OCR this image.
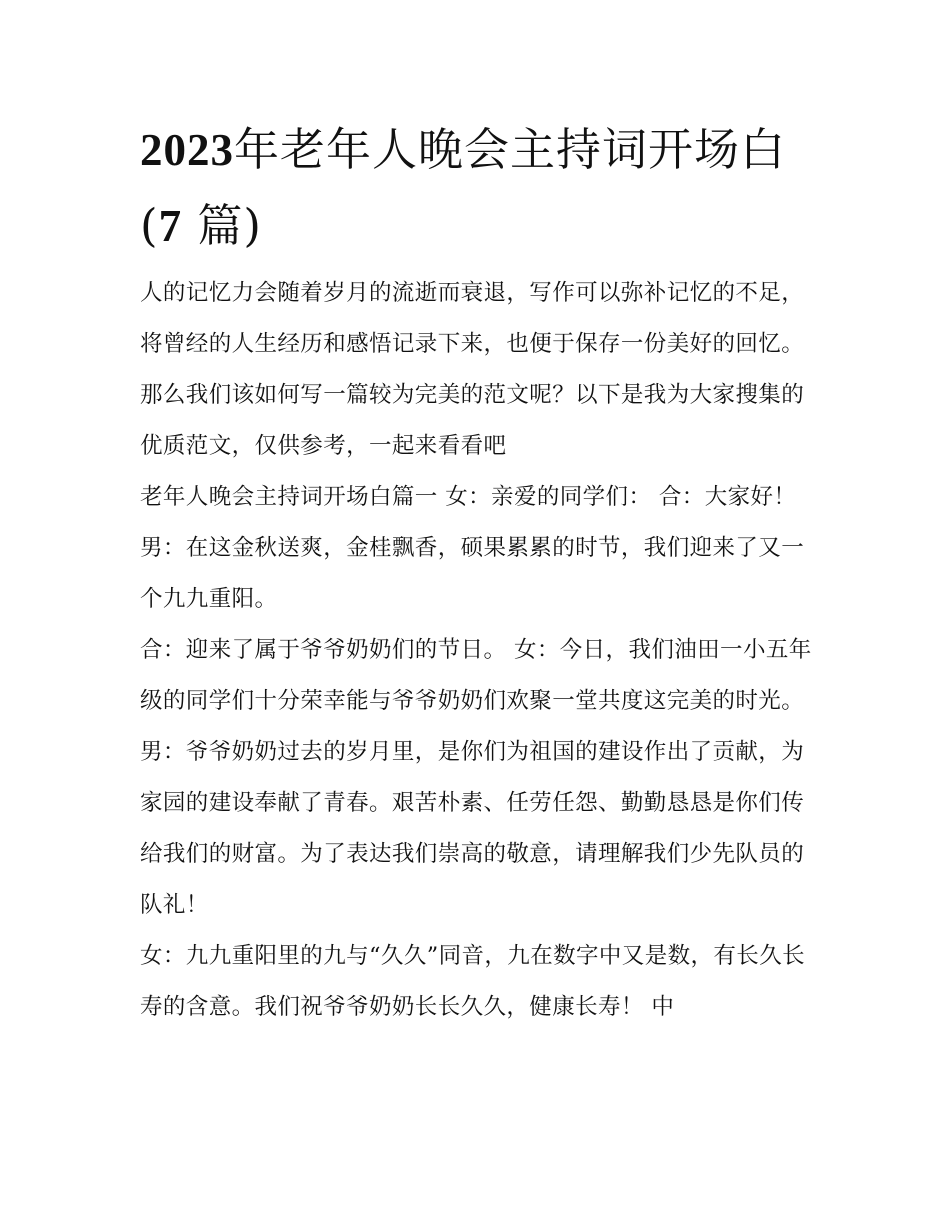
2023年老年人晚会主持词开场白(7 篇)

人的记忆力会随着岁月的流逝而衰退，写作可以弥补记忆的不足，将曾经的人生经历和感悟记录下来，也便于保存一份美好的回忆。那么我们该如何写一篇较为完美的范文呢？以下是我为大家搜集的优质范文，仅供参考，一起来看看吧

老年人晚会主持词开场白篇一 女：亲爱的同学们： 合：大家好！ 男：在这金秋送爽，金桂飘香，硕果累累的时节，我们迎来了又一个九九重阳。

合：迎来了属于爷爷奶奶们的节日。 女：今日，我们油田一小五年级的同学们十分荣幸能与爷爷奶奶们欢聚一堂共度这完美的时光。

男：爷爷奶奶过去的岁月里，是你们为祖国的建设作出了贡献，为家园的建设奉献了青春。艰苦朴素、任劳任怨、勤勤恳恳是你们传给我们的财富。为了表达我们崇高的敬意，请理解我们少先队员的队礼！

女：九九重阳里的九与“久久”同音，九在数字中又是数，有长久长寿的含意。我们祝爷爷奶奶长长久久，健康长寿！ 中
